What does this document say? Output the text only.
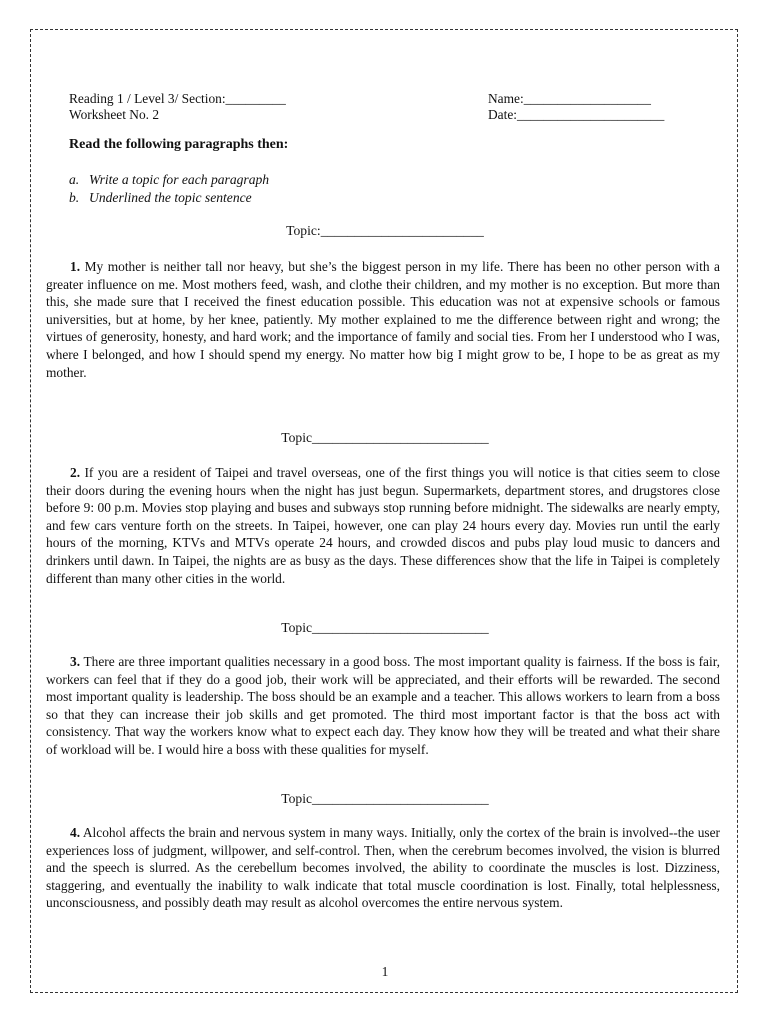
Reading 1 / Level 3/ Section:_________
Worksheet No. 2
Name:___________________
Date:______________________
Read the following paragraphs then:
a. Write a topic for each paragraph
b. Underlined the topic sentence
Topic:________________________
1. My mother is neither tall nor heavy, but she’s the biggest person in my life. There has been no other person with a greater influence on me. Most mothers feed, wash, and clothe their children, and my mother is no exception. But more than this, she made sure that I received the finest education possible. This education was not at expensive schools or famous universities, but at home, by her knee, patiently. My mother explained to me the difference between right and wrong; the virtues of generosity, honesty, and hard work; and the importance of family and social ties. From her I understood who I was, where I belonged, and how I should spend my energy. No matter how big I might grow to be, I hope to be as great as my mother.
Topic__________________________
2. If you are a resident of Taipei and travel overseas, one of the first things you will notice is that cities seem to close their doors during the evening hours when the night has just begun. Supermarkets, department stores, and drugstores close before 9: 00 p.m. Movies stop playing and buses and subways stop running before midnight. The sidewalks are nearly empty, and few cars venture forth on the streets. In Taipei, however, one can play 24 hours every day. Movies run until the early hours of the morning, KTVs and MTVs operate 24 hours, and crowded discos and pubs play loud music to dancers and drinkers until dawn. In Taipei, the nights are as busy as the days. These differences show that the life in Taipei is completely different than many other cities in the world.
Topic__________________________
3. There are three important qualities necessary in a good boss. The most important quality is fairness. If the boss is fair, workers can feel that if they do a good job, their work will be appreciated, and their efforts will be rewarded. The second most important quality is leadership. The boss should be an example and a teacher. This allows workers to learn from a boss so that they can increase their job skills and get promoted. The third most important factor is that the boss act with consistency. That way the workers know what to expect each day. They know how they will be treated and what their share of workload will be. I would hire a boss with these qualities for myself.
Topic__________________________
4. Alcohol affects the brain and nervous system in many ways. Initially, only the cortex of the brain is involved--the user experiences loss of judgment, willpower, and self-control. Then, when the cerebrum becomes involved, the vision is blurred and the speech is slurred. As the cerebellum becomes involved, the ability to coordinate the muscles is lost. Dizziness, staggering, and eventually the inability to walk indicate that total muscle coordination is lost. Finally, total helplessness, unconsciousness, and possibly death may result as alcohol overcomes the entire nervous system.
1
